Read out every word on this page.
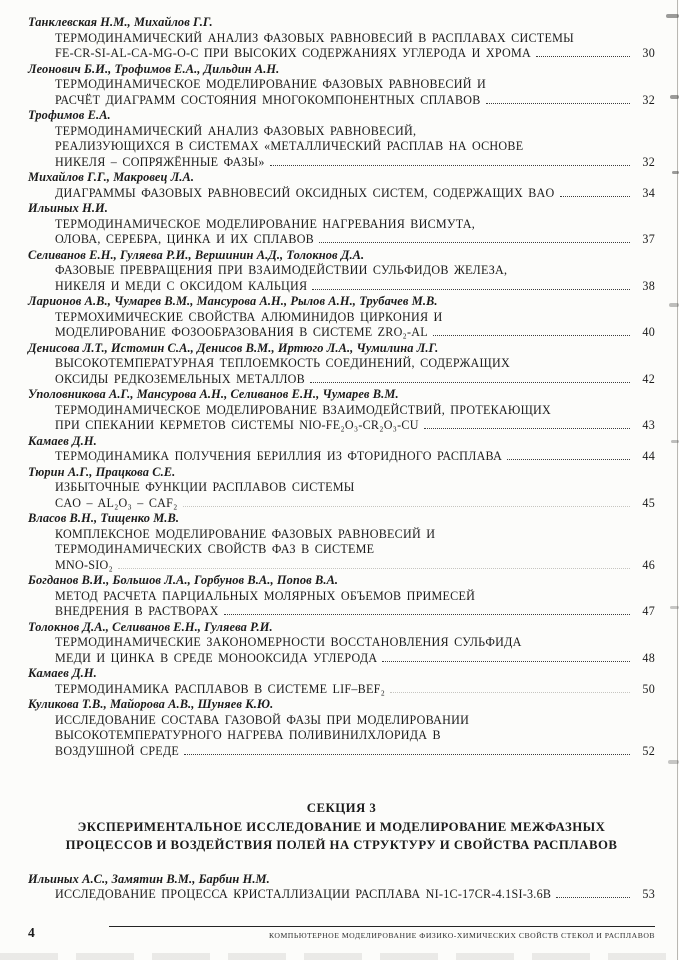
Танклевская Н.М., Михайлов Г.Г.
ТЕРМОДИНАМИЧЕСКИЙ АНАЛИЗ ФАЗОВЫХ РАВНОВЕСИЙ В РАСПЛАВАХ СИСТЕМЫ
FE-CR-SI-AL-CA-MG-O-C ПРИ ВЫСОКИХ СОДЕРЖАНИЯХ УГЛЕРОДА И ХРОМА	30
Леонович Б.И., Трофимов Е.А., Дильдин А.Н.
ТЕРМОДИНАМИЧЕСКОЕ МОДЕЛИРОВАНИЕ ФАЗОВЫХ РАВНОВЕСИЙ И
РАСЧЁТ ДИАГРАММ СОСТОЯНИЯ МНОГОКОМПОНЕНТНЫХ СПЛАВОВ	32
Трофимов Е.А.
ТЕРМОДИНАМИЧЕСКИЙ АНАЛИЗ ФАЗОВЫХ РАВНОВЕСИЙ,
РЕАЛИЗУЮЩИХСЯ В СИСТЕМАХ «МЕТАЛЛИЧЕСКИЙ РАСПЛАВ НА ОСНОВЕ
НИКЕЛЯ – СОПРЯЖЁННЫЕ ФАЗЫ»	32
Михайлов Г.Г., Макровец Л.А.
ДИАГРАММЫ ФАЗОВЫХ РАВНОВЕСИЙ ОКСИДНЫХ СИСТЕМ, СОДЕРЖАЩИХ BAO	34
Ильиных Н.И.
ТЕРМОДИНАМИЧЕСКОЕ МОДЕЛИРОВАНИЕ НАГРЕВАНИЯ ВИСМУТА,
ОЛОВА, СЕРЕБРА, ЦИНКА И ИХ СПЛАВОВ	37
Селиванов Е.Н., Гуляева Р.И., Вершинин А.Д., Толокнов Д.А.
ФАЗОВЫЕ ПРЕВРАЩЕНИЯ ПРИ ВЗАИМОДЕЙСТВИИ СУЛЬФИДОВ ЖЕЛЕЗА,
НИКЕЛЯ И МЕДИ С ОКСИДОМ КАЛЬЦИЯ	38
Ларионов А.В., Чумарев В.М., Мансурова А.Н., Рылов А.Н., Трубачев М.В.
ТЕРМОХИМИЧЕСКИЕ СВОЙСТВА АЛЮМИНИДОВ ЦИРКОНИЯ И
МОДЕЛИРОВАНИЕ ФОЗООБРАЗОВАНИЯ В СИСТЕМЕ ZRO₂-AL	40
Денисова Л.Т., Истомин С.А., Денисов В.М., Иртюго Л.А., Чумилина Л.Г.
ВЫСОКОТЕМПЕРАТУРНАЯ ТЕПЛОЕМКОСТЬ СОЕДИНЕНИЙ, СОДЕРЖАЩИХ
ОКСИДЫ РЕДКОЗЕМЕЛЬНЫХ МЕТАЛЛОВ	42
Уполовникова А.Г., Мансурова А.Н., Селиванов Е.Н., Чумарев В.М.
ТЕРМОДИНАМИЧЕСКОЕ МОДЕЛИРОВАНИЕ ВЗАИМОДЕЙСТВИЙ, ПРОТЕКАЮЩИХ
ПРИ СПЕКАНИИ КЕРМЕТОВ СИСТЕМЫ NIO-FE₂O₃-CR₂O₃-CU	43
Камаев Д.Н.
ТЕРМОДИНАМИКА ПОЛУЧЕНИЯ БЕРИЛЛИЯ ИЗ ФТОРИДНОГО РАСПЛАВА	44
Тюрин А.Г., Працкова С.Е.
ИЗБЫТОЧНЫЕ ФУНКЦИИ РАСПЛАВОВ СИСТЕМЫ
CAO – AL₂O₃ – CAF₂	45
Власов В.Н., Тищенко М.В.
КОМПЛЕКСНОЕ МОДЕЛИРОВАНИЕ ФАЗОВЫХ РАВНОВЕСИЙ И
ТЕРМОДИНАМИЧЕСКИХ СВОЙСТВ ФАЗ В СИСТЕМЕ
MNO-SIO₂	46
Богданов В.И., Большов Л.А., Горбунов В.А., Попов В.А.
МЕТОД РАСЧЕТА ПАРЦИАЛЬНЫХ МОЛЯРНЫХ ОБЪЕМОВ ПРИМЕСЕЙ
ВНЕДРЕНИЯ В РАСТВОРАХ	47
Толокнов Д.А., Селиванов Е.Н., Гуляева Р.И.
ТЕРМОДИНАМИЧЕСКИЕ ЗАКОНОМЕРНОСТИ ВОССТАНОВЛЕНИЯ СУЛЬФИДА
МЕДИ И ЦИНКА В СРЕДЕ МОНООКСИДА УГЛЕРОДА	48
Камаев Д.Н.
ТЕРМОДИНАМИКА РАСПЛАВОВ В СИСТЕМЕ LIF–BEF₂	50
Куликова Т.В., Майорова А.В., Шуняев К.Ю.
ИССЛЕДОВАНИЕ СОСТАВА ГАЗОВОЙ ФАЗЫ ПРИ МОДЕЛИРОВАНИИ
ВЫСОКОТЕМПЕРАТУРНОГО НАГРЕВА ПОЛИВИНИЛХЛОРИДА В
ВОЗДУШНОЙ СРЕДЕ	52
СЕКЦИЯ 3
ЭКСПЕРИМЕНТАЛЬНОЕ ИССЛЕДОВАНИЕ И МОДЕЛИРОВАНИЕ МЕЖФАЗНЫХ
ПРОЦЕССОВ И ВОЗДЕЙСТВИЯ ПОЛЕЙ НА СТРУКТУРУ И СВОЙСТВА РАСПЛАВОВ
Ильиных А.С., Замятин В.М., Барбин Н.М.
ИССЛЕДОВАНИЕ ПРОЦЕССА КРИСТАЛЛИЗАЦИИ РАСПЛАВА NI-1C-17CR-4.1SI-3.6B	53
4	КОМПЬЮТЕРНОЕ МОДЕЛИРОВАНИЕ ФИЗИКО-ХИМИЧЕСКИХ СВОЙСТВ СТЕКОЛ И РАСПЛАВОВ
